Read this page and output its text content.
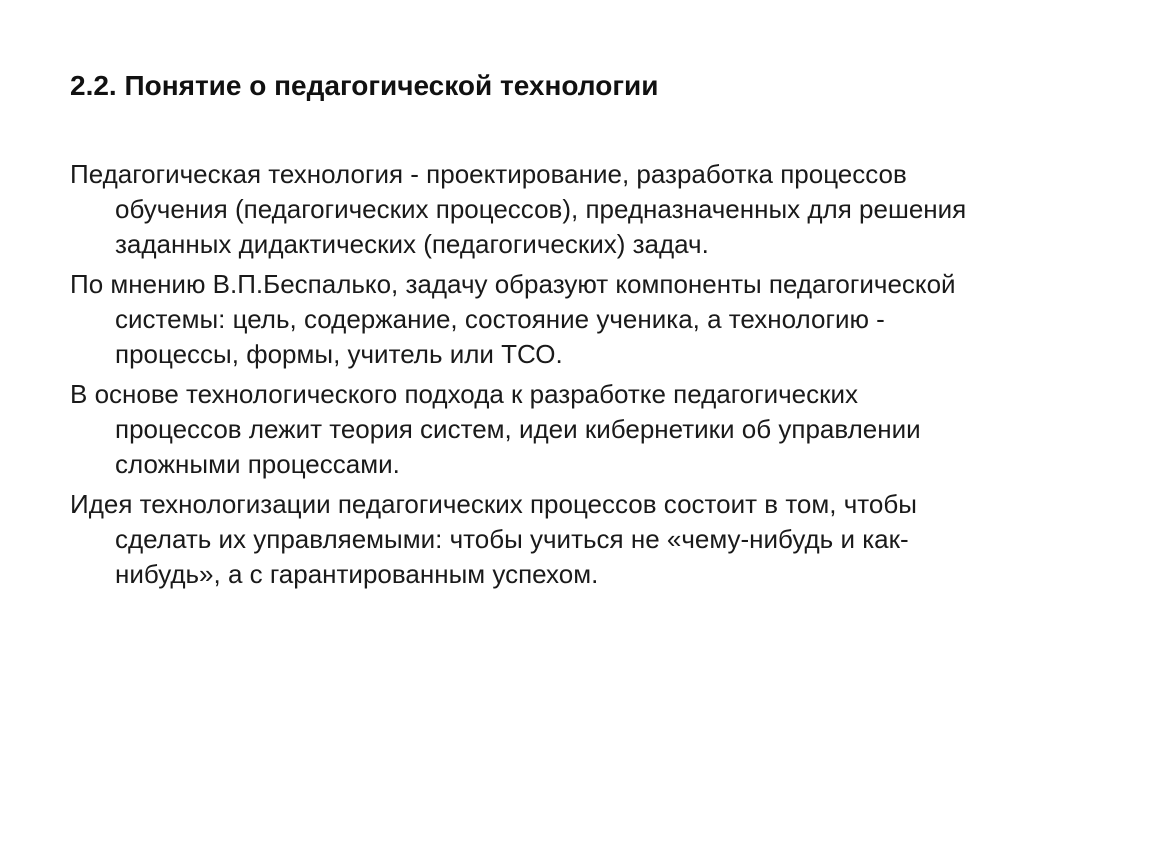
2.2. Понятие о педагогической технологии

Педагогическая технология - проектирование, разработка процессов
обучения (педагогических процессов), предназначенных для решения
заданных дидактических (педагогических) задач.

По мнению В.П.Беспалько, задачу образуют компоненты педагогической
системы: цель, содержание, состояние ученика, а технологию -
процессы, формы, учитель или ТСО.

В основе технологического подхода к разработке педагогических
процессов лежит теория систем, идеи кибернетики об управлении
сложными процессами.

Идея технологизации педагогических процессов состоит в том, чтобы
сделать их управляемыми: чтобы учиться не «чему-нибудь и как-
нибудь», а с гарантированным успехом.
